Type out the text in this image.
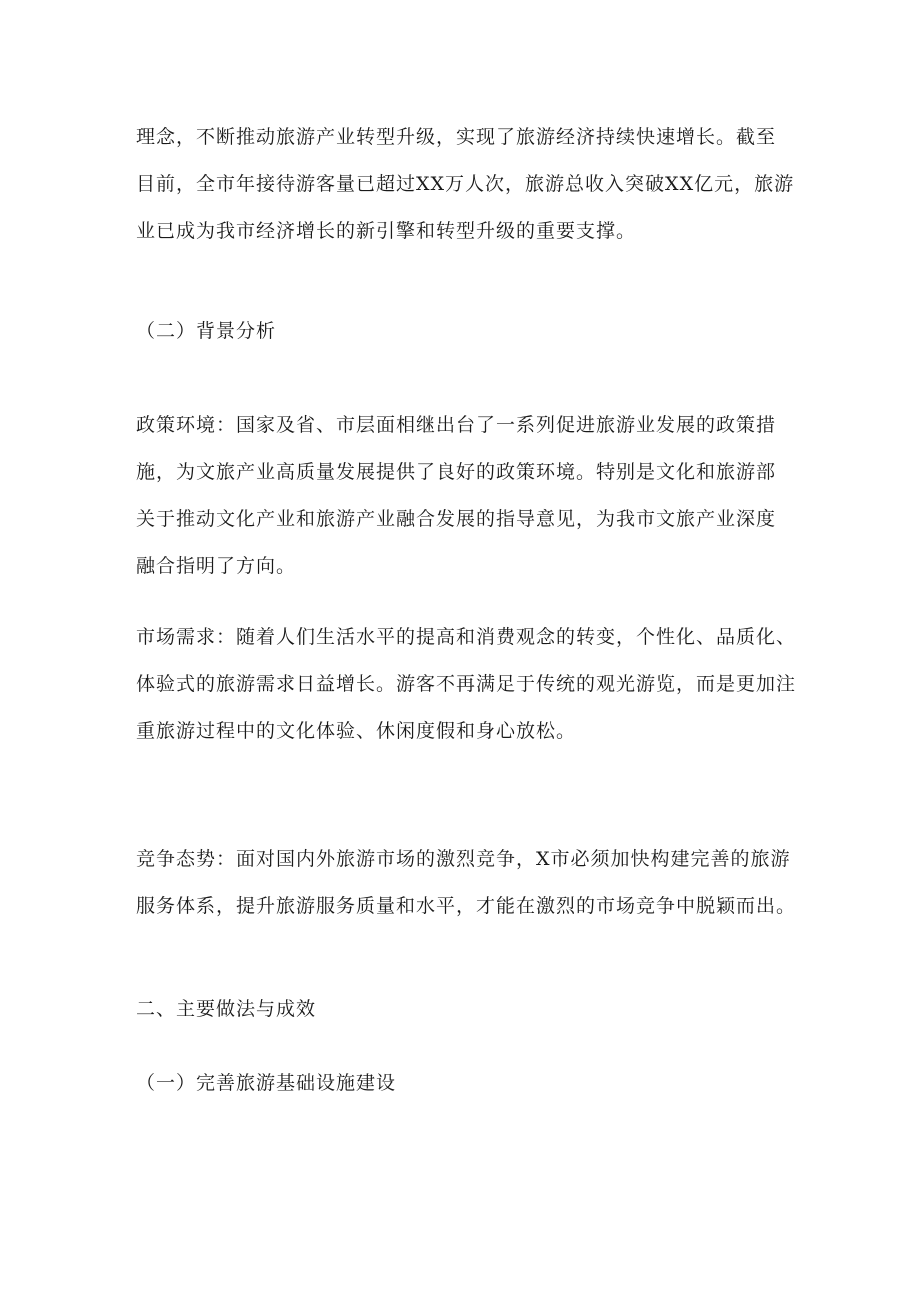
理念，不断推动旅游产业转型升级，实现了旅游经济持续快速增长。截至
目前，全市年接待游客量已超过XX万人次，旅游总收入突破XX亿元，旅游
业已成为我市经济增长的新引擎和转型升级的重要支撑。

（二）背景分析

政策环境：国家及省、市层面相继出台了一系列促进旅游业发展的政策措
施，为文旅产业高质量发展提供了良好的政策环境。特别是文化和旅游部
关于推动文化产业和旅游产业融合发展的指导意见，为我市文旅产业深度
融合指明了方向。

市场需求：随着人们生活水平的提高和消费观念的转变，个性化、品质化、
体验式的旅游需求日益增长。游客不再满足于传统的观光游览，而是更加注
重旅游过程中的文化体验、休闲度假和身心放松。

竞争态势：面对国内外旅游市场的激烈竞争，X市必须加快构建完善的旅游
服务体系，提升旅游服务质量和水平，才能在激烈的市场竞争中脱颖而出。

二、主要做法与成效
（一）完善旅游基础设施建设
